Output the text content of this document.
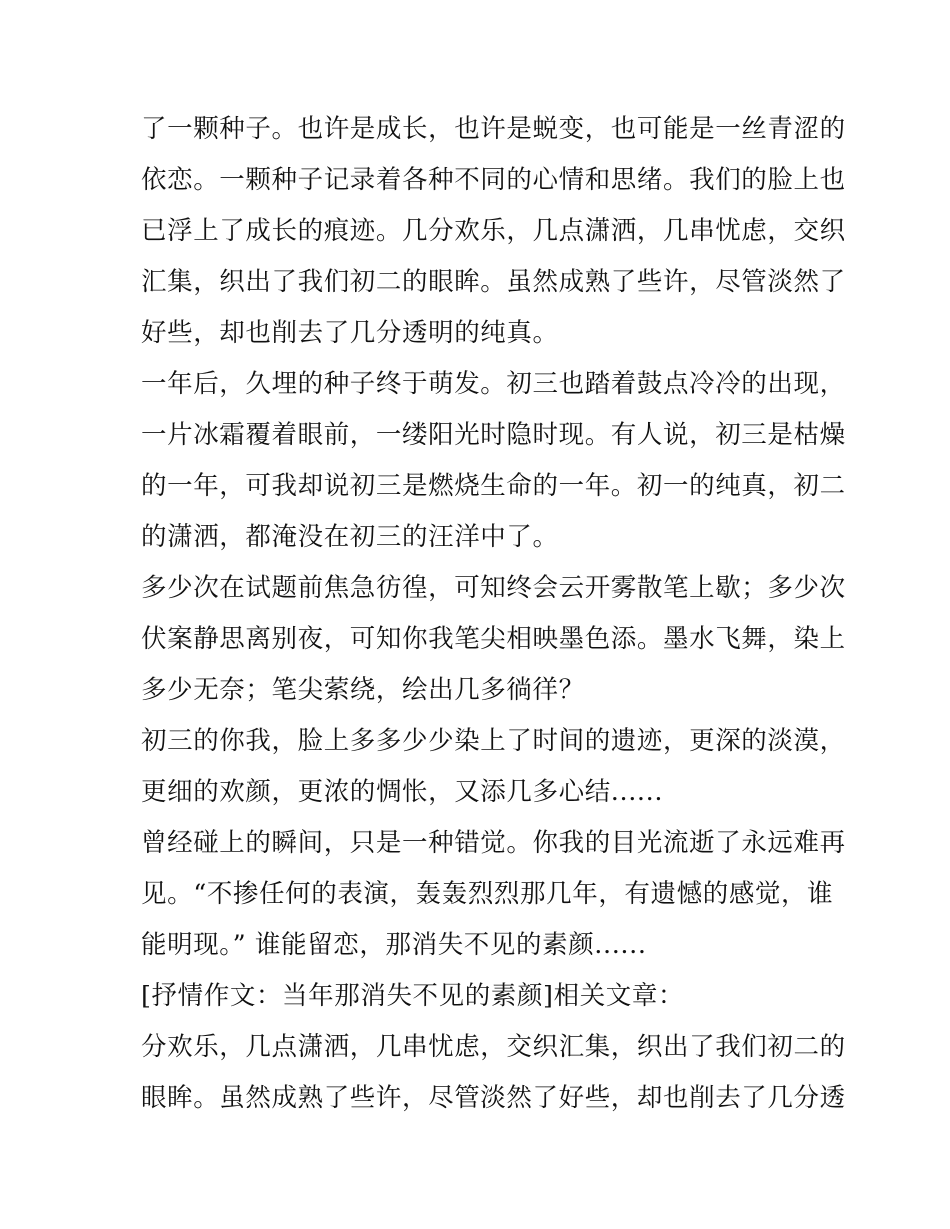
了一颗种子。也许是成长，也许是蜕变，也可能是一丝青涩的
依恋。一颗种子记录着各种不同的心情和思绪。我们的脸上也
已浮上了成长的痕迹。几分欢乐，几点潇洒，几串忧虑，交织
汇集，织出了我们初二的眼眸。虽然成熟了些许，尽管淡然了
好些，却也削去了几分透明的纯真。
一年后，久埋的种子终于萌发。初三也踏着鼓点冷冷的出现，
一片冰霜覆着眼前，一缕阳光时隐时现。有人说，初三是枯燥
的一年，可我却说初三是燃烧生命的一年。初一的纯真，初二
的潇洒，都淹没在初三的汪洋中了。
多少次在试题前焦急彷徨，可知终会云开雾散笔上歇；多少次
伏案静思离别夜，可知你我笔尖相映墨色添。墨水飞舞，染上
多少无奈；笔尖萦绕，绘出几多徜徉？
初三的你我，脸上多多少少染上了时间的遗迹，更深的淡漠，
更细的欢颜，更浓的惆怅，又添几多心结......
曾经碰上的瞬间，只是一种错觉。你我的目光流逝了永远难再
见。“不掺任何的表演，轰轰烈烈那几年，有遗憾的感觉，谁
能明现。” 谁能留恋，那消失不见的素颜......
[抒情作文：当年那消失不见的素颜]相关文章：
分欢乐，几点潇洒，几串忧虑，交织汇集，织出了我们初二的
眼眸。虽然成熟了些许，尽管淡然了好些，却也削去了几分透
